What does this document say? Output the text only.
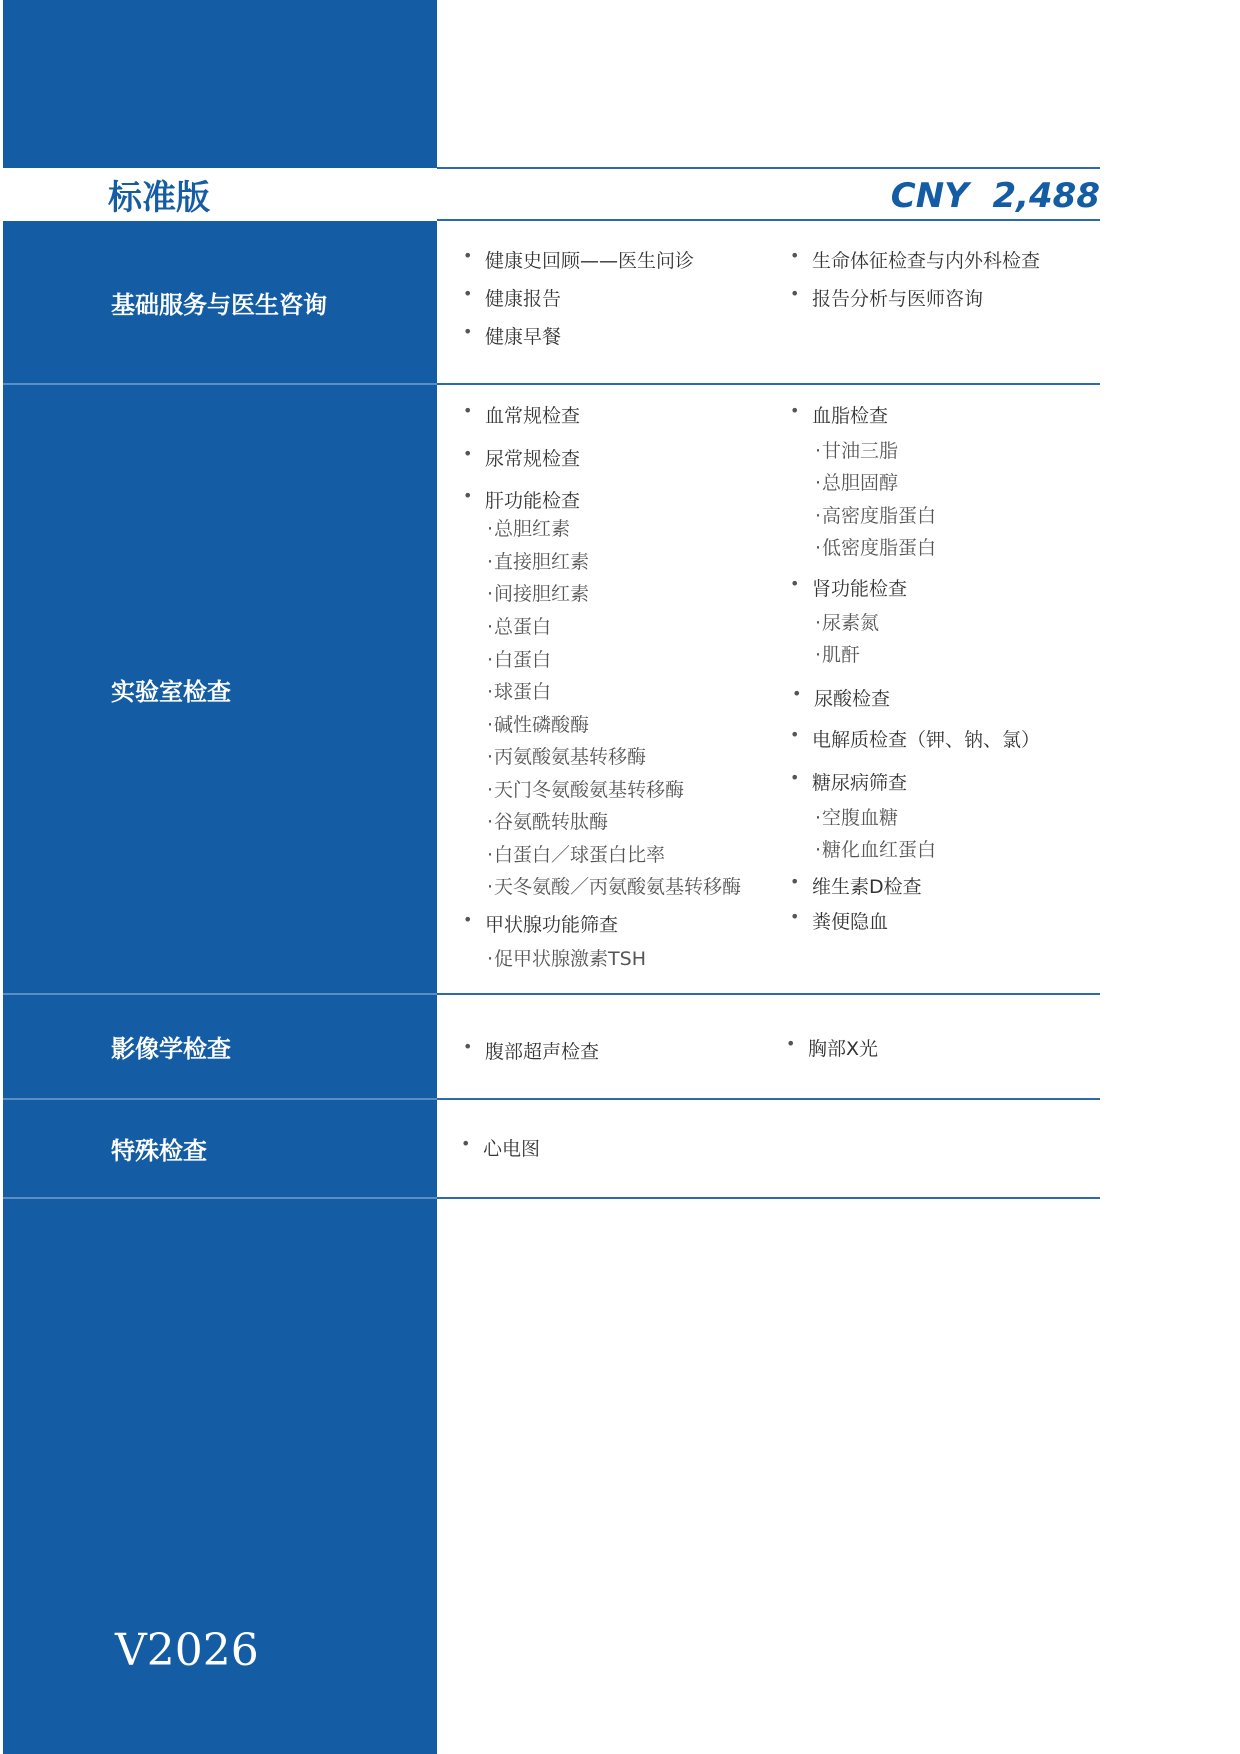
标准版	CNY  2,488
基础服务与医生咨询
• 健康史回顾——医生问诊
• 健康报告
• 健康早餐
• 生命体征检查与内外科检查
• 报告分析与医师咨询
实验室检查
• 血常规检查
• 尿常规检查
• 肝功能检查
· 总胆红素
· 直接胆红素
· 间接胆红素
· 总蛋白
· 白蛋白
· 球蛋白
· 碱性磷酸酶
· 丙氨酸氨基转移酶
· 天门冬氨酸氨基转移酶
· 谷氨酰转肽酶
· 白蛋白／球蛋白比率
· 天冬氨酸／丙氨酸氨基转移酶
• 甲状腺功能筛查
· 促甲状腺激素TSH
• 血脂检查
· 甘油三脂
· 总胆固醇
· 高密度脂蛋白
· 低密度脂蛋白
• 肾功能检查
· 尿素氮
· 肌酐
• 尿酸检查
• 电解质检查（钾、钠、氯）
• 糖尿病筛查
· 空腹血糖
· 糖化血红蛋白
• 维生素D检查
• 粪便隐血
影像学检查	• 腹部超声检查	• 胸部X光
特殊检查	• 心电图
V2026
